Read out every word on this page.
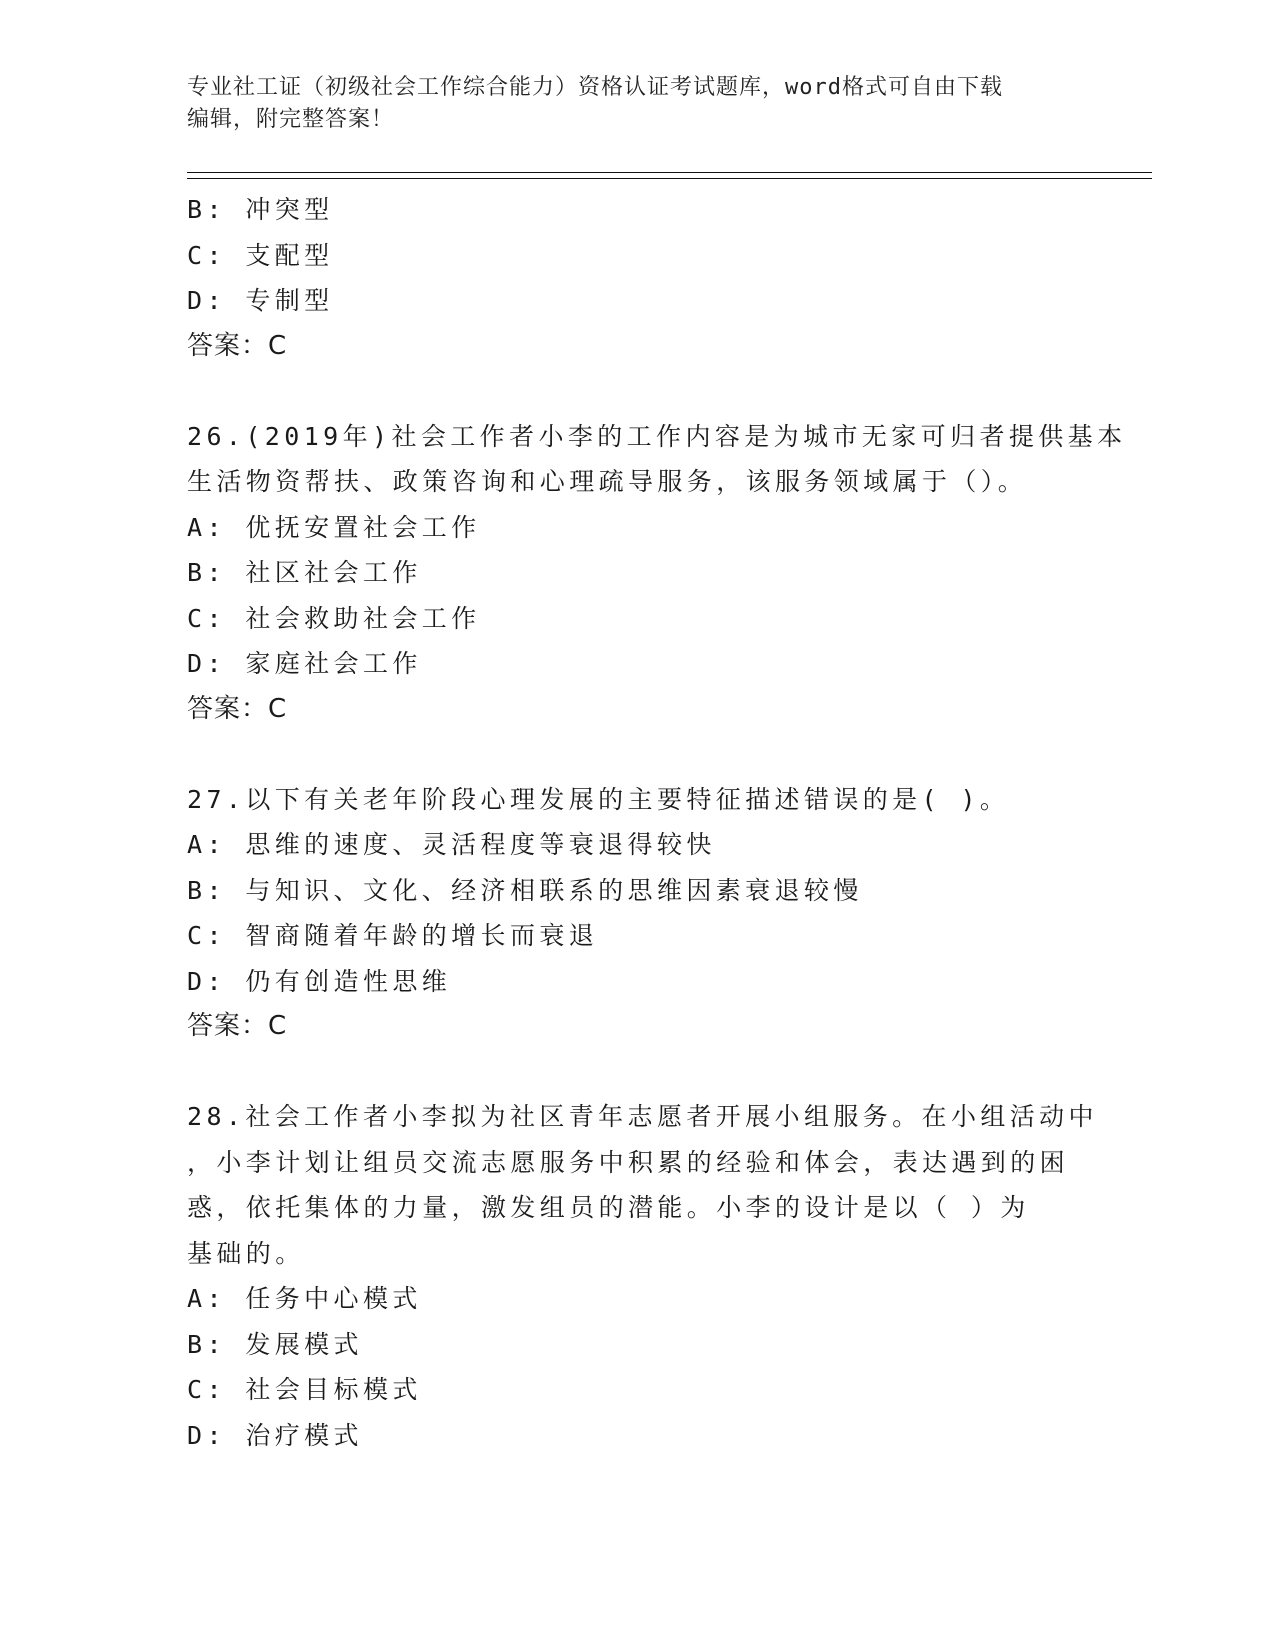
专业社工证（初级社会工作综合能力）资格认证考试题库，word格式可自由下载
编辑，附完整答案！

B: 冲突型

C: 支配型

D: 专制型

答案：C

26.(2019年)社会工作者小李的工作内容是为城市无家可归者提供基本

生活物资帮扶、政策咨询和心理疏导服务，该服务领域属于（）。

A: 优抚安置社会工作

B: 社区社会工作

C: 社会救助社会工作

D: 家庭社会工作

答案：C

27.以下有关老年阶段心理发展的主要特征描述错误的是( )。

A: 思维的速度、灵活程度等衰退得较快

B: 与知识、文化、经济相联系的思维因素衰退较慢

C: 智商随着年龄的增长而衰退

D: 仍有创造性思维

答案：C

28.社会工作者小李拟为社区青年志愿者开展小组服务。在小组活动中

，小李计划让组员交流志愿服务中积累的经验和体会，表达遇到的困

惑，依托集体的力量，激发组员的潜能。小李的设计是以（ ）为

基础的。

A: 任务中心模式

B: 发展模式

C: 社会目标模式

D: 治疗模式
